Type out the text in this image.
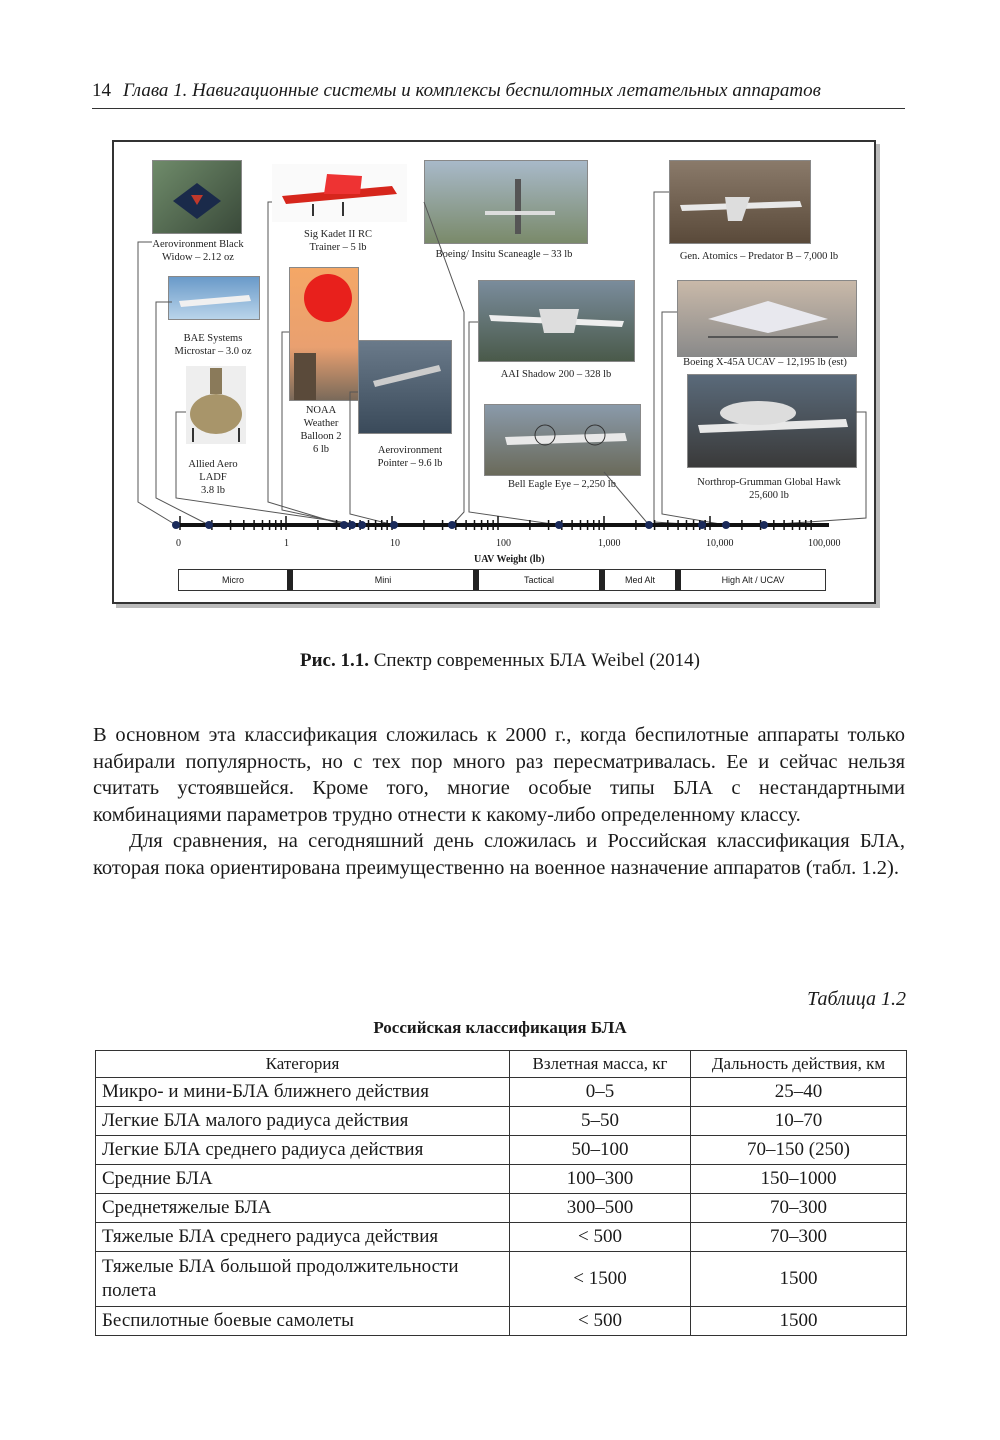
14 Глава 1. Навигационные системы и комплексы беспилотных летательных аппаратов
Aerovironment Black
Widow – 2.12 oz
Sig Kadet II RC
Trainer – 5 lb
Boeing/ Insitu Scaneagle – 33 lb	Gen. Atomics – Predator B – 7,000 lb
BAE Systems
Microstar – 3.0 oz
AAI Shadow 200 – 328 lb
Boeing X-45A UCAV – 12,195 lb (est)
NOAA
Weather
Balloon 2
6 lb	Aerovironment
Pointer – 9.6 lb
Allied Aero
LADF
3.8 lb
Bell Eagle Eye – 2,250 lb	Northrop-Grumman Global Hawk
25,600 lb
0	1	10	100	1,000	10,000	100,000
UAV Weight (lb)
Micro	Mini	Tactical	Med Alt	High Alt / UCAV
Рис. 1.1. Спектр современных БЛА Weibel (2014)

В основном эта классификация сложилась к 2000 г., когда беспилотные аппараты только набирали популярность, но с тех пор много раз пересматривалась. Ее и сейчас нельзя считать устоявшейся. Кроме того, многие особые типы БЛА с нестандартными комбинациями параметров трудно отнести к какому-либо определенному классу.

Для сравнения, на сегодняшний день сложилась и Российская классификация БЛА, которая пока ориентирована преимущественно на военное назначение аппаратов (табл. 1.2).

Таблица 1.2
Российская классификация БЛА
Категория	Взлетная масса, кг	Дальность действия, км
Микро- и мини-БЛА ближнего действия	0–5	25–40
Легкие БЛА малого радиуса действия	5–50	10–70
Легкие БЛА среднего радиуса действия	50–100	70–150 (250)
Средние БЛА	100–300	150–1000
Среднетяжелые БЛА	300–500	70–300
Тяжелые БЛА среднего радиуса действия	< 500	70–300
Тяжелые БЛА большой продолжительности полета	< 1500	1500
Беспилотные боевые самолеты	< 500	1500
